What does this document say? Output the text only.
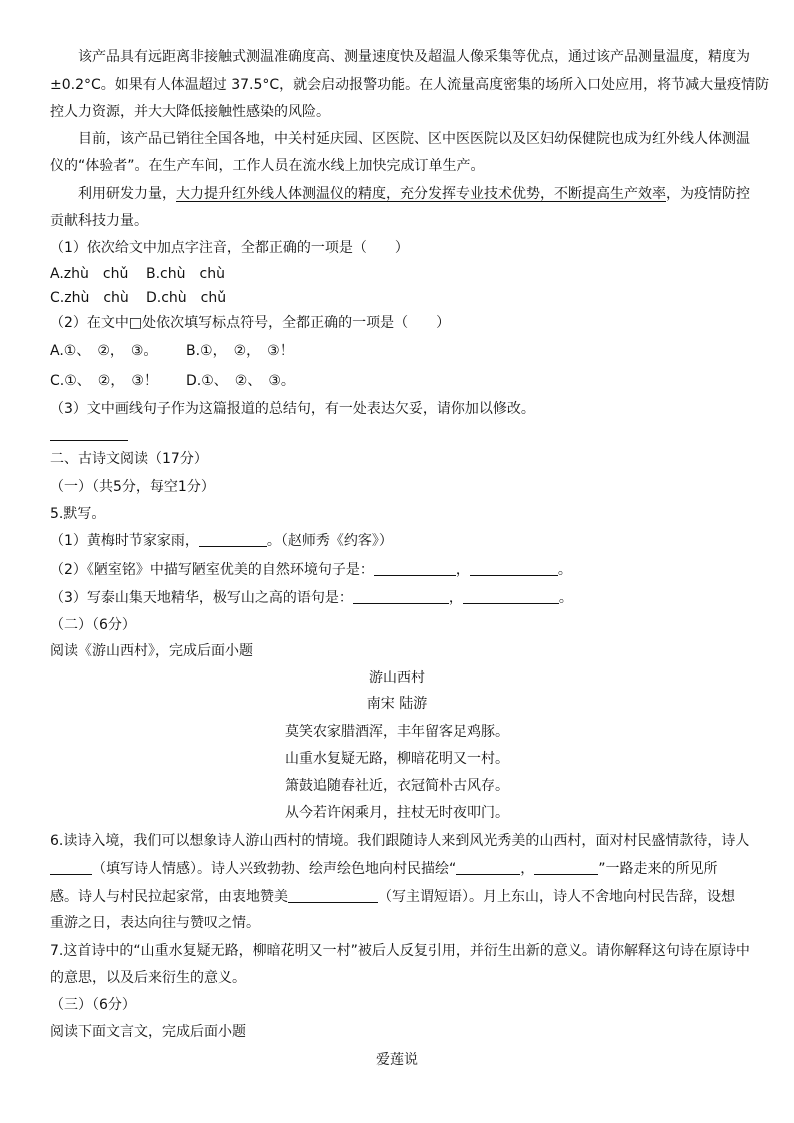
该产品具有远距离非接触式测温准确度高、测量速度快及超温人像采集等优点，通过该产品测量温度，精度为
±0.2°C。如果有人体温超过 37.5°C，就会启动报警功能。在人流量高度密集的场所入口处应用，将节减大量疫情防
控人力资源，并大大降低接触性感染的风险。
目前，该产品已销往全国各地，中关村延庆园、区医院、区中医医院以及区妇幼保健院也成为红外线人体测温
仪的“体验者”。在生产车间，工作人员在流水线上加快完成订单生产。
利用研发力量，大力提升红外线人体测温仪的精度，充分发挥专业技术优势，不断提高生产效率，为疫情防控
贡献科技力量。
（1）依次给文中加点字注音，全都正确的一项是（　　）
A.zhù　chǔ B.chù　chù
C.zhù　chù D.chù　chǔ
（2）在文中□处依次填写标点符号，全都正确的一项是（　　）
A.①、　②，　③。 B.①，　②，　③！
C.①、　②，　③！ D.①、　②、　③。
（3）文中画线句子作为这篇报道的总结句，有一处表达欠妥，请你加以修改。
二、古诗文阅读（17分）
（一）（共5分，每空1分）
5.默写。
（1）黄梅时节家家雨，	。（赵师秀《约客》）
（2）《陋室铭》中描写陋室优美的自然环境句子是：	，	。
（3）写泰山集天地精华，极写山之高的语句是：	，	。
（二）（6分）
阅读《游山西村》，完成后面小题
游山西村
南宋 陆游
莫笑农家腊酒浑，丰年留客足鸡豚。
山重水复疑无路，柳暗花明又一村。
箫鼓追随春社近，衣冠简朴古风存。
从今若许闲乘月，拄杖无时夜叩门。
6.读诗入境，我们可以想象诗人游山西村的情境。我们跟随诗人来到风光秀美的山西村，面对村民盛情款待，诗人
（填写诗人情感）。诗人兴致勃勃、绘声绘色地向村民描绘“	，	”一路走来的所见所
感。诗人与村民拉起家常，由衷地赞美	（写主谓短语）。月上东山，诗人不舍地向村民告辞，设想
重游之日，表达向往与赞叹之情。
7.这首诗中的“山重水复疑无路，柳暗花明又一村”被后人反复引用，并衍生出新的意义。请你解释这句诗在原诗中
的意思，以及后来衍生的意义。
（三）（6分）
阅读下面文言文，完成后面小题
爱莲说
